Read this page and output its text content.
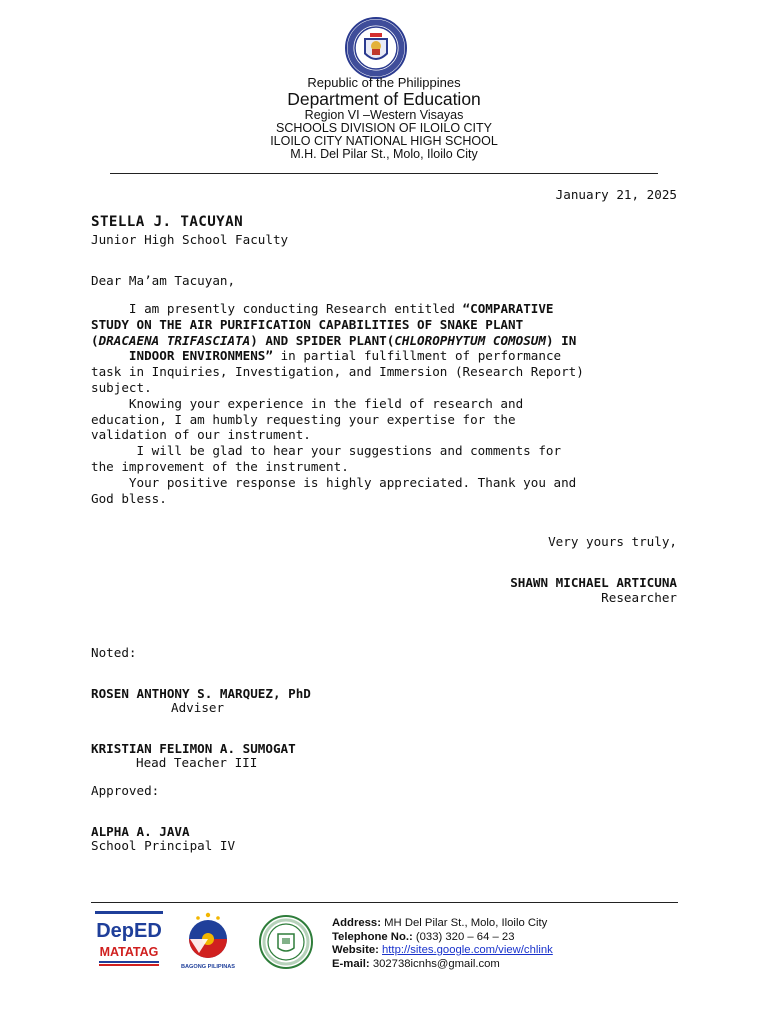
Republic of the Philippines
Department of Education
Region VI –Western Visayas
SCHOOLS DIVISION OF ILOILO CITY
ILOILO CITY NATIONAL HIGH SCHOOL
M.H. Del Pilar St., Molo, Iloilo City
January 21, 2025
STELLA J. TACUYAN
Junior High School Faculty
Dear Ma’am Tacuyan,
I am presently conducting Research entitled “COMPARATIVE
STUDY ON THE AIR PURIFICATION CAPABILITIES OF SNAKE PLANT
(DRACAENA TRIFASCIATA) AND SPIDER PLANT(CHLOROPHYTUM COMOSUM) IN
INDOOR ENVIRONMENS” in partial fulfillment of performance
task in Inquiries, Investigation, and Immersion (Research Report)
subject.
Knowing your experience in the field of research and
education, I am humbly requesting your expertise for the
validation of our instrument.
I will be glad to hear your suggestions and comments for
the improvement of the instrument.
Your positive response is highly appreciated. Thank you and
God bless.
Very yours truly,
SHAWN MICHAEL ARTICUNA
Researcher
Noted:
ROSEN ANTHONY S. MARQUEZ, PhD
Adviser
KRISTIAN FELIMON A. SUMOGAT
Head Teacher III
Approved:
ALPHA A. JAVA
School Principal IV
DepED
MATATAG
BAGONG PILIPINAS
Address: MH Del Pilar St., Molo, Iloilo City
Telephone No.: (033) 320 – 64 – 23
Website: http://sites.google.com/view/chlink
E-mail: 302738icnhs@gmail.com
